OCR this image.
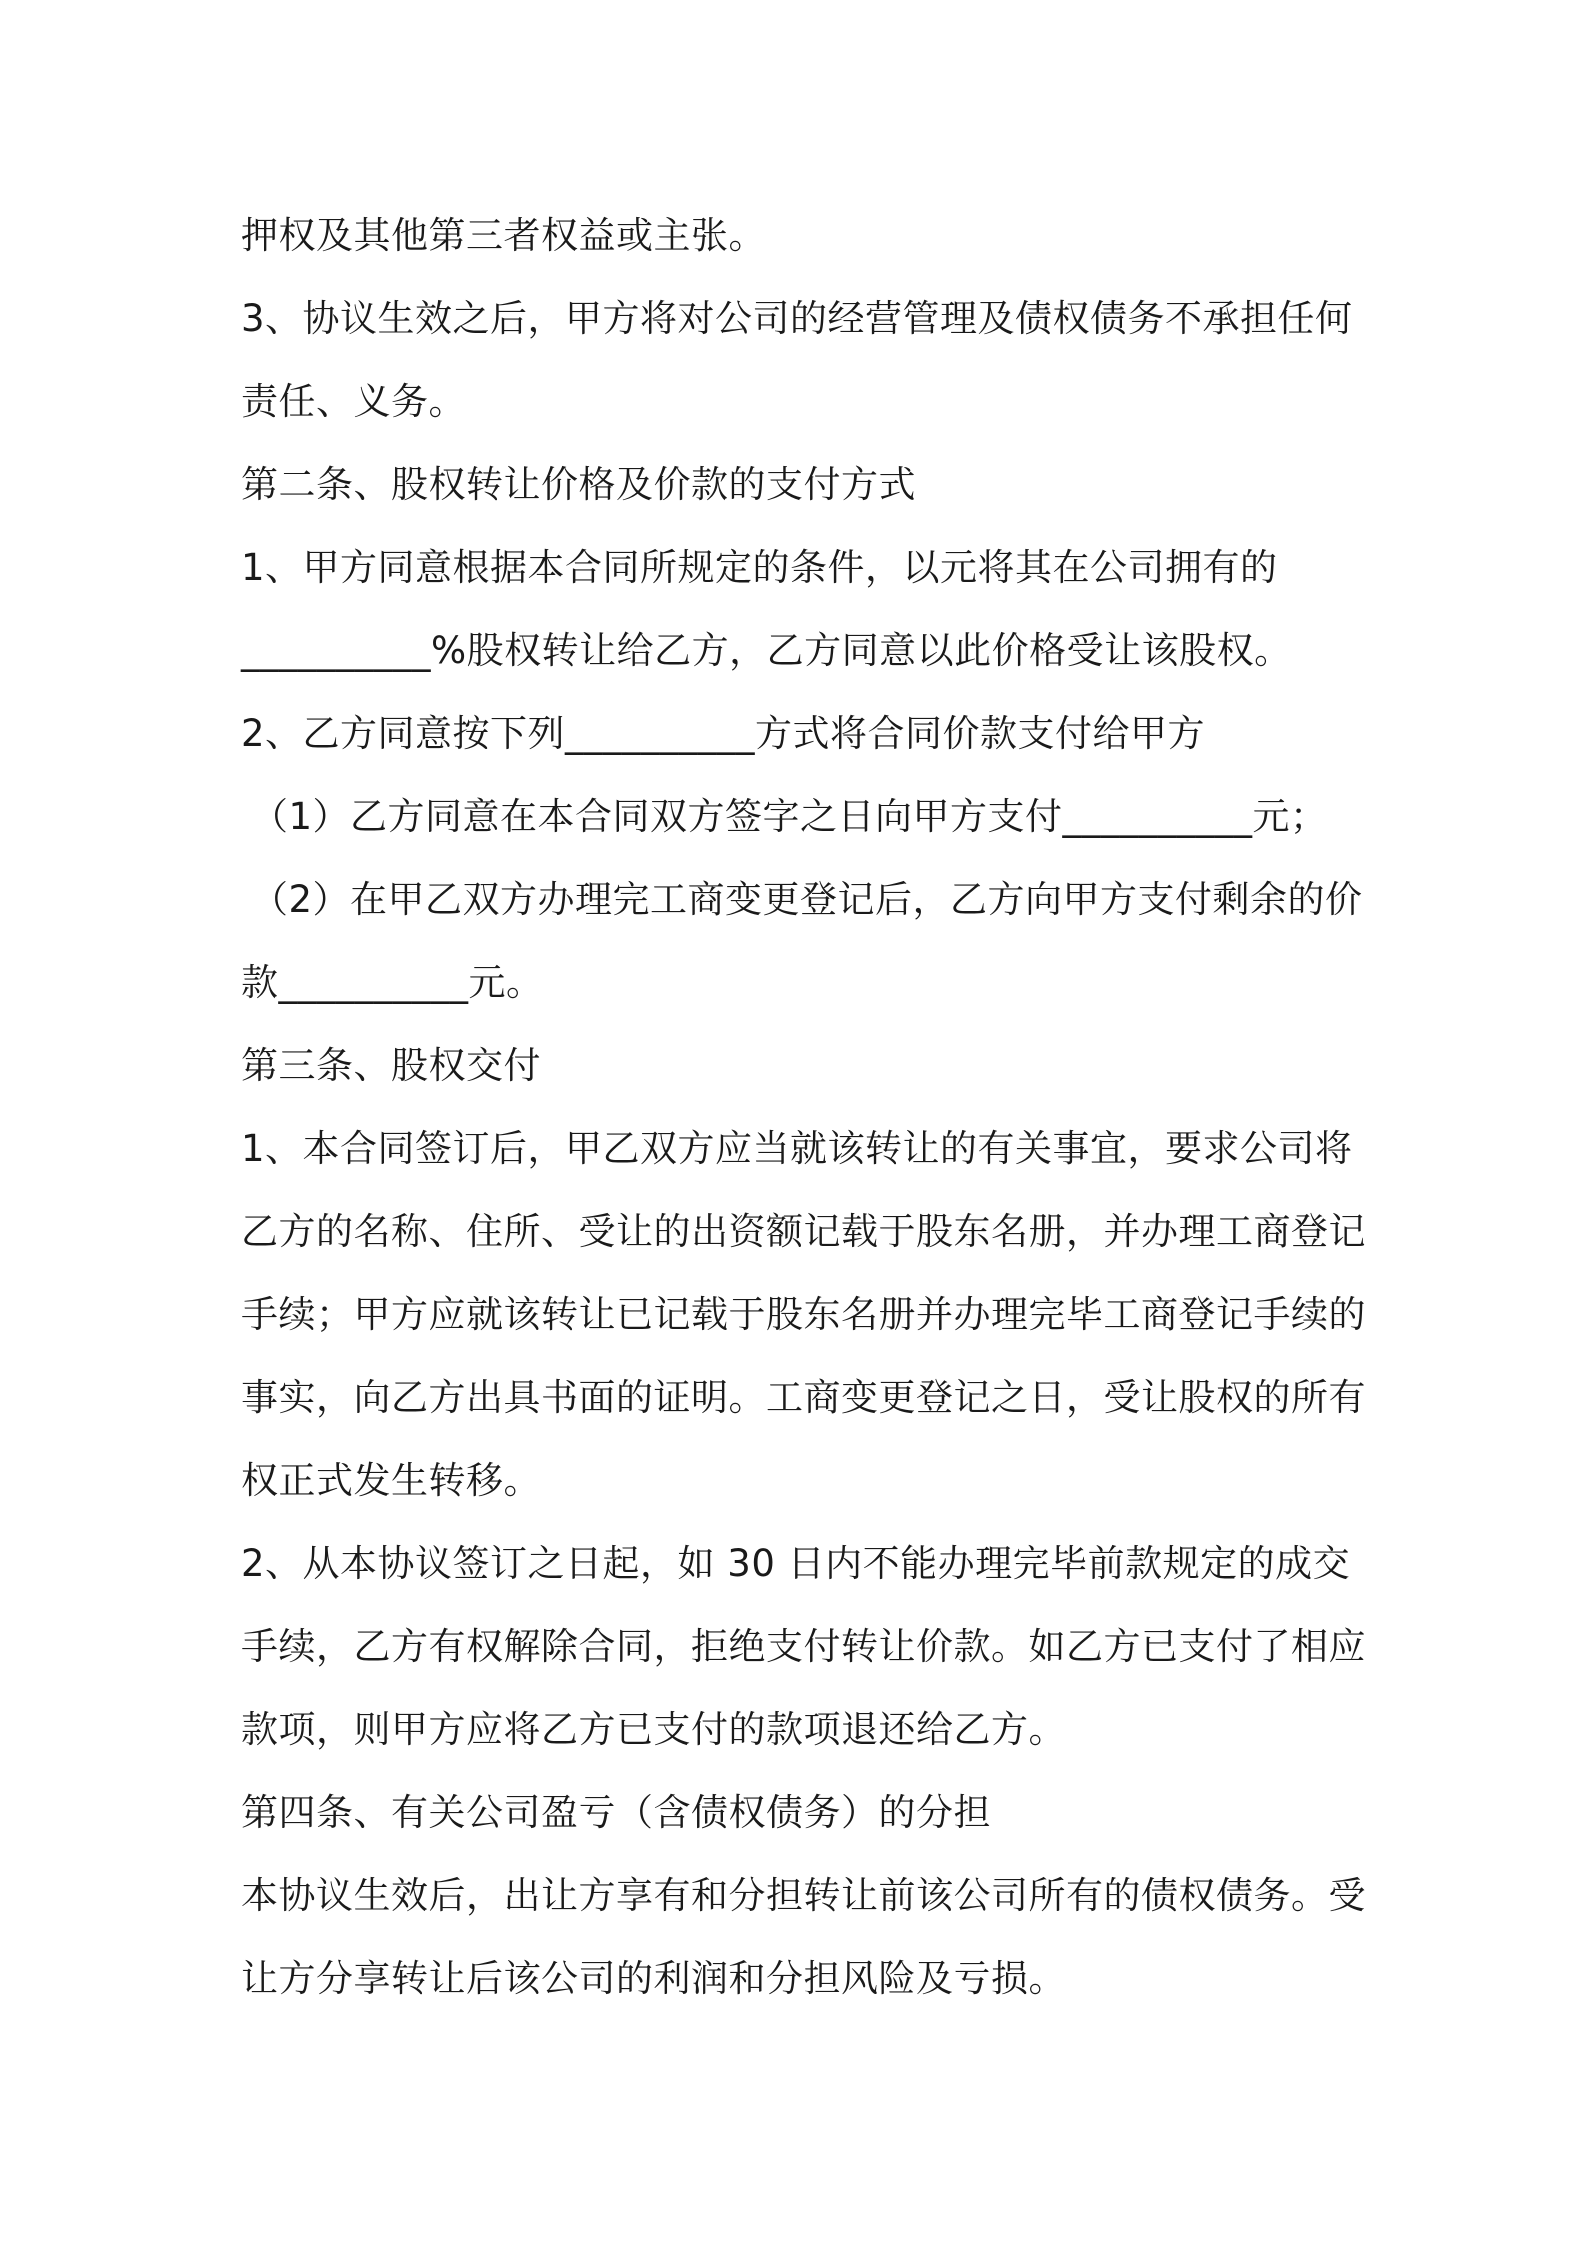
押权及其他第三者权益或主张。
3、协议生效之后，甲方将对公司的经营管理及债权债务不承担任何
责任、义务。
第二条、股权转让价格及价款的支付方式
1、甲方同意根据本合同所规定的条件，以元将其在公司拥有的
__________%股权转让给乙方，乙方同意以此价格受让该股权。
2、乙方同意按下列__________方式将合同价款支付给甲方
（1）乙方同意在本合同双方签字之日向甲方支付__________元；
（2）在甲乙双方办理完工商变更登记后，乙方向甲方支付剩余的价
款__________元。
第三条、股权交付
1、本合同签订后，甲乙双方应当就该转让的有关事宜，要求公司将
乙方的名称、住所、受让的出资额记载于股东名册，并办理工商登记
手续；甲方应就该转让已记载于股东名册并办理完毕工商登记手续的
事实，向乙方出具书面的证明。工商变更登记之日，受让股权的所有
权正式发生转移。
2、从本协议签订之日起，如 30 日内不能办理完毕前款规定的成交
手续，乙方有权解除合同，拒绝支付转让价款。如乙方已支付了相应
款项，则甲方应将乙方已支付的款项退还给乙方。
第四条、有关公司盈亏（含债权债务）的分担
本协议生效后，出让方享有和分担转让前该公司所有的债权债务。受
让方分享转让后该公司的利润和分担风险及亏损。
